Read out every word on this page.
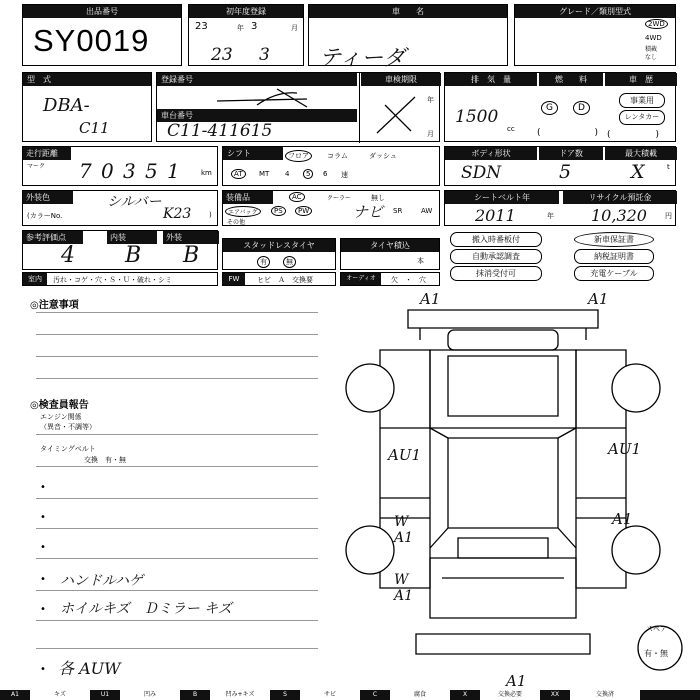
出品番号
SY0019
初年度登録
23	年 3	月
23 3
車　　名
ティーダ
グレード／類別型式
2WD
4WD
積載なし
型　式
DBA-
C11
登録番号	車検期限
車台番号
C11-411615
年
月
排　気　量	燃　　料	車　歴
1500
cc
G	D
(　　　　　　)
事業用
レンタカー
(　　　　　)
走行距離
マーク 7 0 3 5 1	km
シフト	フロア	コラム	ダッシュ
AT	MT 4	5	6 速
ボディ形状	ドア数	最大積載
SDN	5	X	t
外装色	シルバー
(カラーNo.	K23	)
装備品	AC	クーラー	無し
エアバッグ	PS	PW	SR	AW
その他
ナビ
シートベルト年	リサイクル預託金
2011	年 10,320	円
参考評価点	内装	外装
4 B B	スタッドレスタイヤ
有	無
タイヤ積込
本
搬入時番板付	新車保証書
自動承認調査	納税証明書
抹消受付可	充電ケーブル
室内	汚れ・コゲ・穴・Ｓ・Ｕ・破れ・シミ	FW	ヒビ　Ａ　交換要	オーディオ	欠　・　穴
◎注意事項
◎検査員報告
エンジン関係
（異音・不調等）
タイミングベルト
交換　有・無
•
•
•
• ハンドルハゲ
• ホイルキズ　Ｄミラー キズ
• 各 AUW
A1	A1
AU1	AU1
W A1
A1
W A1
A1
スペア
有・無
A1	キズ	U1	凹み	B	凹み+キズ	S	サビ	C	腐食	X	交換必要	XX	交換済
